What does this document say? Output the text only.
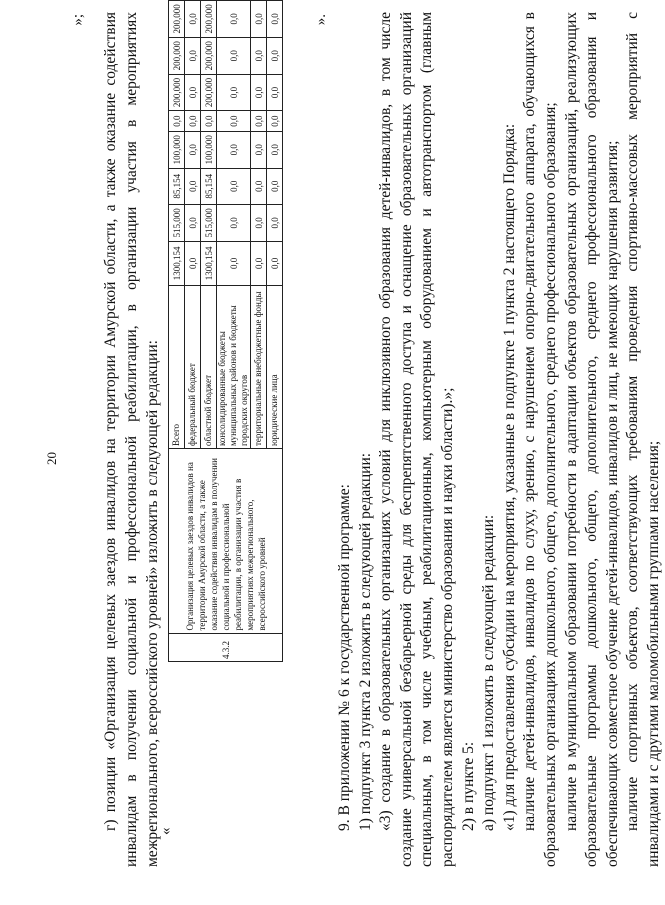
20
»; г) позиции «Организация целевых заездов инвалидов на территории Амурской области, а также оказание содействия инвалидам в получении социальной и профессиональной реабилитации, в организации участия в мероприятиях межрегионального, всероссийского уровней» изложить в следующей редакции:
«
4.3.2	Организация целевых заездов инвалидов на территории Амурской области, а также оказание содействия инвалидам в получении социальной и профессиональной реабилитации, в организации участия в мероприятиях межрегионального, всероссийского уровней	Всего	1300,154	515,000	85,154	100,000	0,0	200,000	200,000	200,000
		федеральный бюджет	0,0	0,0	0,0	0,0	0,0	0,0	0,0	0,0
		областной бюджет	1300,154	515,000	85,154	100,000	0,0	200,000	200,000	200,000
		консолидированные бюджеты муниципальных районов и бюджеты городских округов	0,0	0,0	0,0	0,0	0,0	0,0	0,0	0,0
		территориальные внебюджетные фонды	0,0	0,0	0,0	0,0	0,0	0,0	0,0	0,0
		юридические лица	0,0	0,0	0,0	0,0	0,0	0,0	0,0	0,0 ».

9. В приложении № 6 к государственной программе: 1) подпункт 3 пункта 2 изложить в следующей редакции: «3) создание в образовательных организациях условий для инклюзивного образования детей-инвалидов, в том числе создание универсальной безбарьерной среды для беспрепятственного доступа и оснащение образовательных организаций специальным, в том числе учебным, реабилитационным, компьютерным оборудованием и автотранспортом (главным распорядителем является министерство образования и науки области).»; 2) в пункте 5: а) подпункт 1 изложить в следующей редакции: «1) для предоставления субсидии на мероприятия, указанные в подпункте 1 пункта 2 настоящего Порядка: наличие детей-инвалидов, инвалидов по слуху, зрению, с нарушением опорно-двигательного аппарата, обучающихся в образовательных организациях дошкольного, общего, дополнительного, среднего профессионального образования; наличие в муниципальном образовании потребности в адаптации объектов образовательных организаций, реализующих образовательные программы дошкольного, общего, дополнительного, среднего профессионального образования и обеспечивающих совместное обучение детей-инвалидов, инвалидов и лиц, не имеющих нарушения развития; наличие спортивных объектов, соответствующих требованиям проведения спортивно-массовых мероприятий с инвалидами и с другими маломобильными группами населения;
